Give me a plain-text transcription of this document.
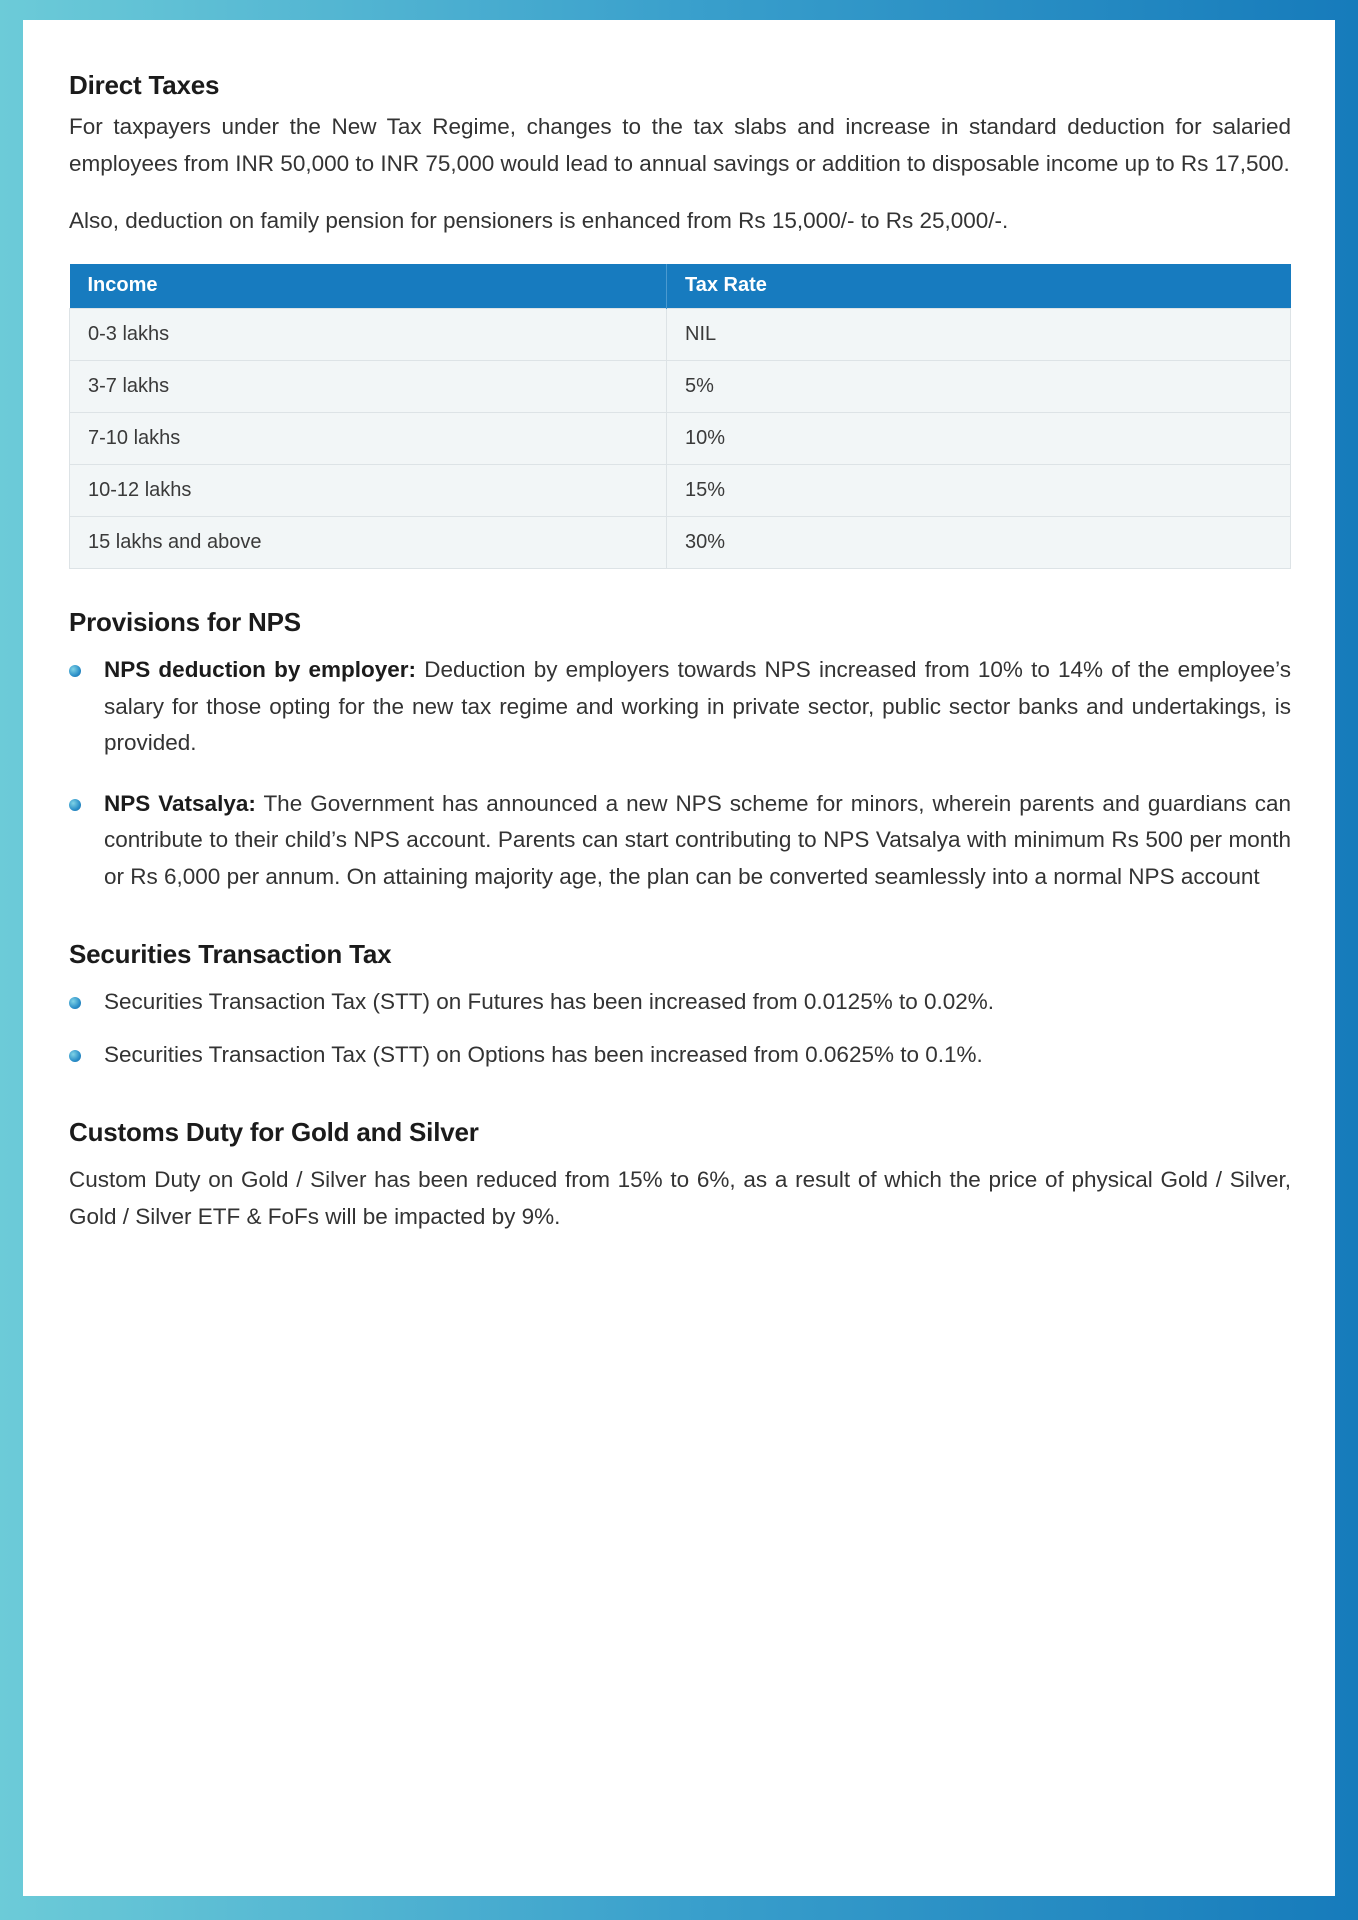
Direct Taxes

For taxpayers under the New Tax Regime, changes to the tax slabs and increase in standard deduction for salaried employees from INR 50,000 to INR 75,000 would lead to annual savings or addition to disposable income up to Rs 17,500.

Also, deduction on family pension for pensioners is enhanced from Rs 15,000/- to Rs 25,000/-.

Income	Tax Rate
0-3 lakhs	NIL
3-7 lakhs	5%
7-10 lakhs	10%
10-12 lakhs	15%
15 lakhs and above	30%
Provisions for NPS
NPS deduction by employer: Deduction by employers towards NPS increased from 10% to 14% of the employee’s salary for those opting for the new tax regime and working in private sector, public sector banks and undertakings, is provided.
NPS Vatsalya: The Government has announced a new NPS scheme for minors, wherein parents and guardians can contribute to their child’s NPS account. Parents can start contributing to NPS Vatsalya with minimum Rs 500 per month or Rs 6,000 per annum. On attaining majority age, the plan can be converted seamlessly into a normal NPS account
Securities Transaction Tax
Securities Transaction Tax (STT) on Futures has been increased from 0.0125% to 0.02%.
Securities Transaction Tax (STT) on Options has been increased from 0.0625% to 0.1%.
Customs Duty for Gold and Silver

Custom Duty on Gold / Silver has been reduced from 15% to 6%, as a result of which the price of physical Gold / Silver, Gold / Silver ETF & FoFs will be impacted by 9%.
